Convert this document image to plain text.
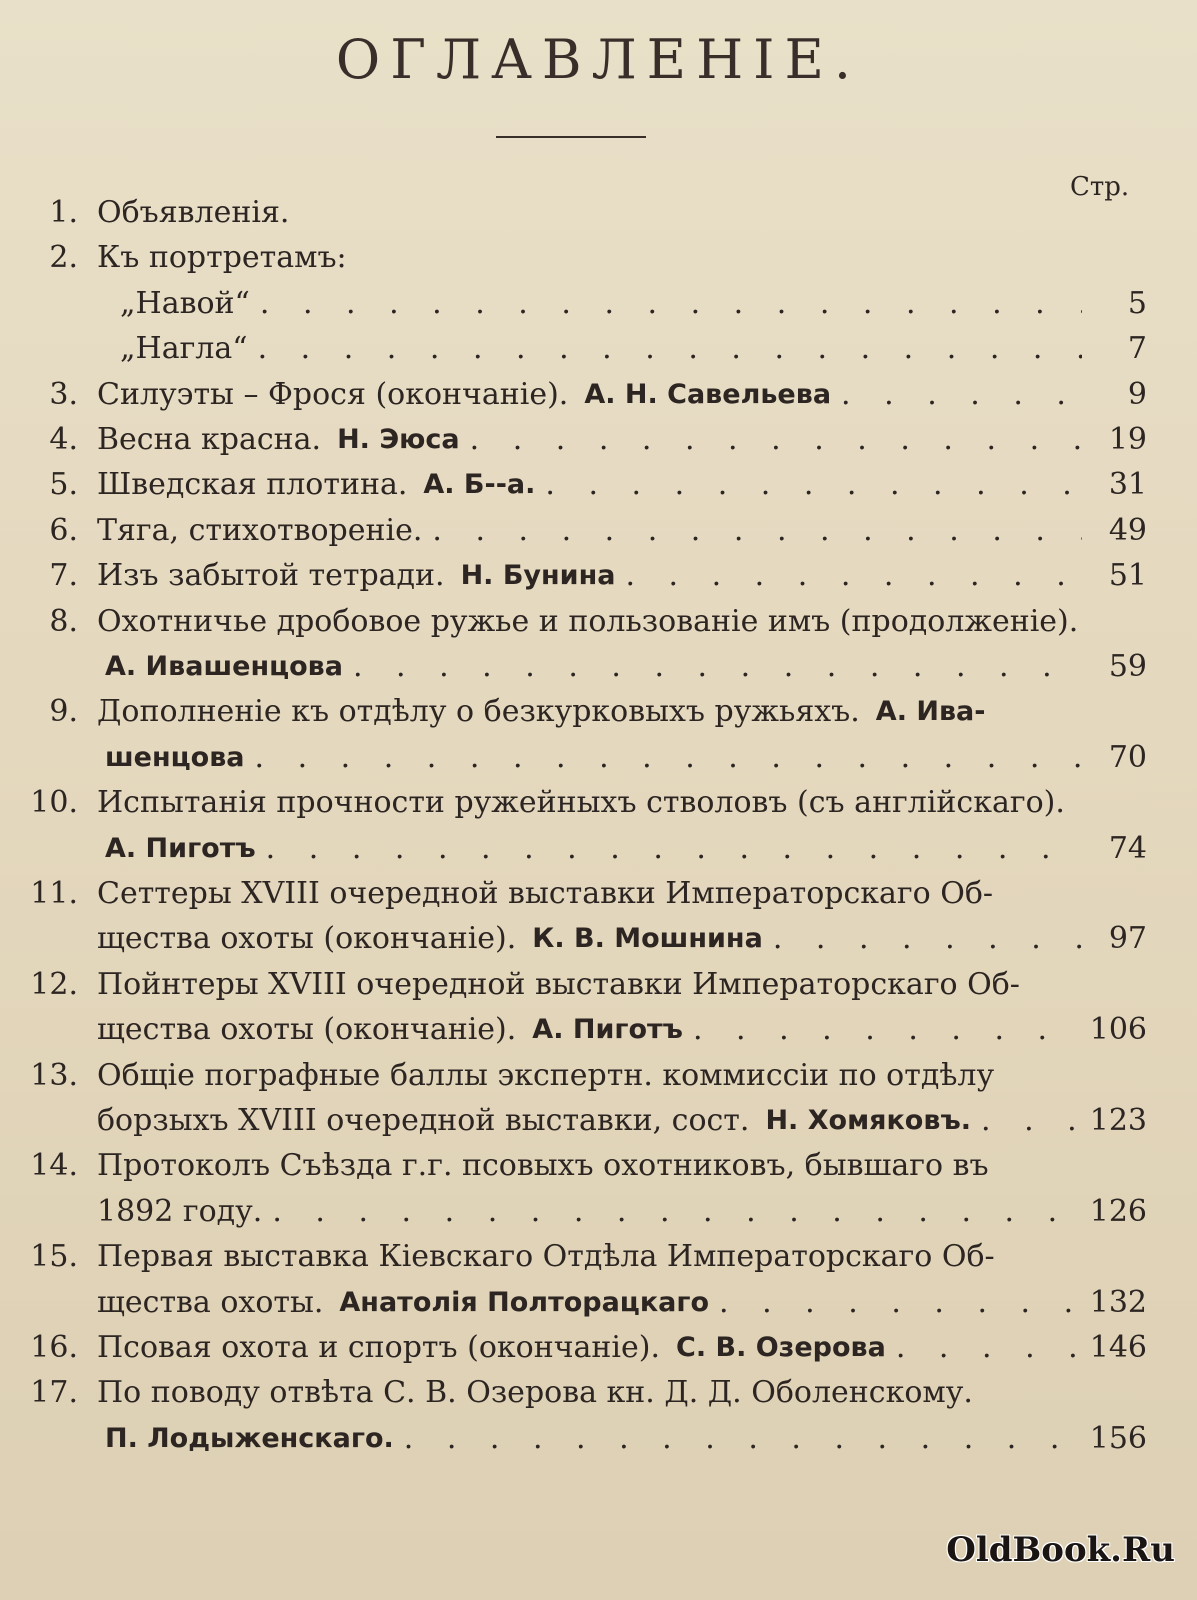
ОГЛАВЛЕНІЕ.
Стр.
1. Объявленія.
2. Къ портретамъ:
„Навой“ . . .	5
„Нагла“ . . .	7
3. Силуэты – Фрося (окончаніе). А. Н. Савельева . . .	9
4. Весна красна. Н. Эюса . . .	19
5. Шведская плотина. А. Б--а. . . .	31
6. Тяга, стихотвореніе. . . .	49
7. Изъ забытой тетради. Н. Бунина . . .	51
8. Охотничье дробовое ружье и пользованіе имъ (продолженіе).
А. Ивашенцова . . .	59
9. Дополненіе къ отдѣлу о безкурковыхъ ружьяхъ. А. Ива-
шенцова . . .	70
10. Испытанія прочности ружейныхъ стволовъ (съ англійскаго).
А. Пиготъ . . .	74
11. Сеттеры XVIII очередной выставки Императорскаго Об-
щества охоты (окончаніе). К. В. Мошнина . . .	97
12. Пойнтеры XVIII очередной выставки Императорскаго Об-
щества охоты (окончаніе). А. Пиготъ . . .	106
13. Общіе пографные баллы экспертн. коммиссіи по отдѣлу
борзыхъ XVIII очередной выставки, сост. Н. Хомяковъ. . . .	123
14. Протоколъ Съѣзда г.г. псовыхъ охотниковъ, бывшаго въ
1892 году. . . .	126
15. Первая выставка Кіевскаго Отдѣла Императорскаго Об-
щества охоты. Анатолія Полторацкаго . . .	132
16. Псовая охота и спортъ (окончаніе). С. В. Озерова . . .	146
17. По поводу отвѣта С. В. Озерова кн. Д. Д. Оболенскому.
П. Лодыженскаго. . . .	156
OldBook.Ru
